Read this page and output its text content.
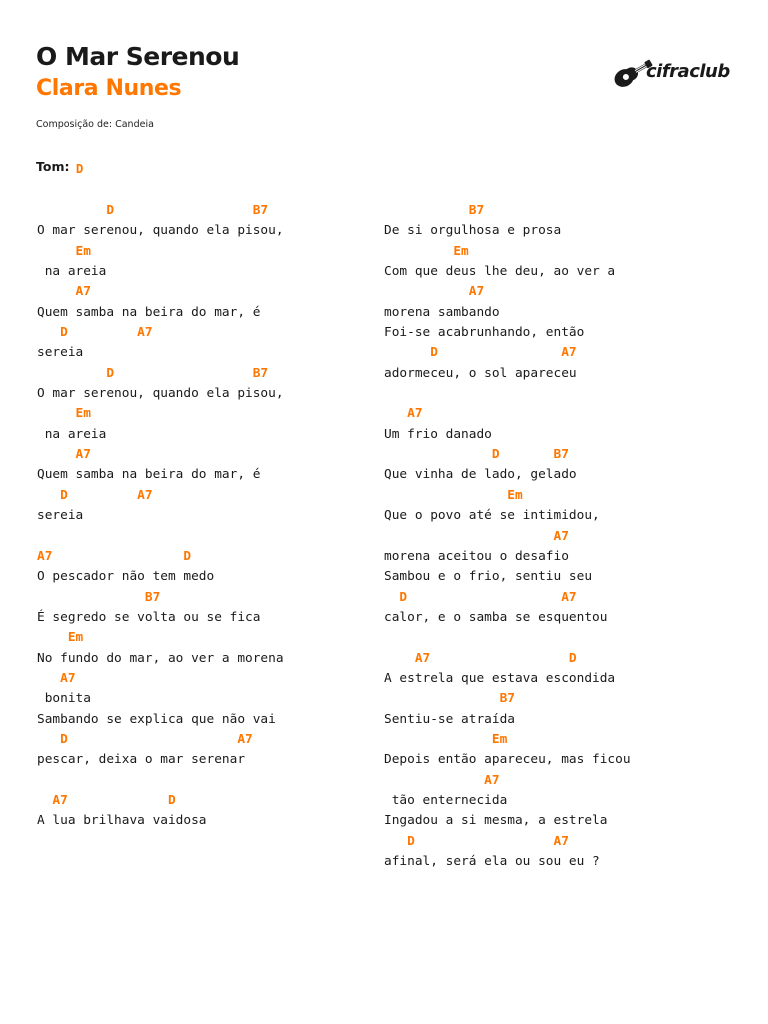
O Mar Serenou
Clara Nunes
Composição de: Candeia
Tom: D
cifraclub
D                  B7
O mar serenou, quando ela pisou,
Em
na areia
A7
Quem samba na beira do mar, é
D         A7
sereia
D                  B7
O mar serenou, quando ela pisou,
Em
na areia
A7
Quem samba na beira do mar, é
D         A7
sereia
A7                 D
O pescador não tem medo
B7
É segredo se volta ou se fica
Em
No fundo do mar, ao ver a morena
A7
bonita
Sambando se explica que não vai
D                      A7
pescar, deixa o mar serenar
A7             D
A lua brilhava vaidosa
B7
De si orgulhosa e prosa
Em
Com que deus lhe deu, ao ver a
A7
morena sambando
Foi-se acabrunhando, então
D                A7
adormeceu, o sol apareceu
A7
Um frio danado
D       B7
Que vinha de lado, gelado
Em
Que o povo até se intimidou,
A7
morena aceitou o desafio
Sambou e o frio, sentiu seu
D                    A7
calor, e o samba se esquentou
A7                  D
A estrela que estava escondida
B7
Sentiu-se atraída
Em
Depois então apareceu, mas ficou
A7
tão enternecida
Ingadou a si mesma, a estrela
D                  A7
afinal, será ela ou sou eu ?
